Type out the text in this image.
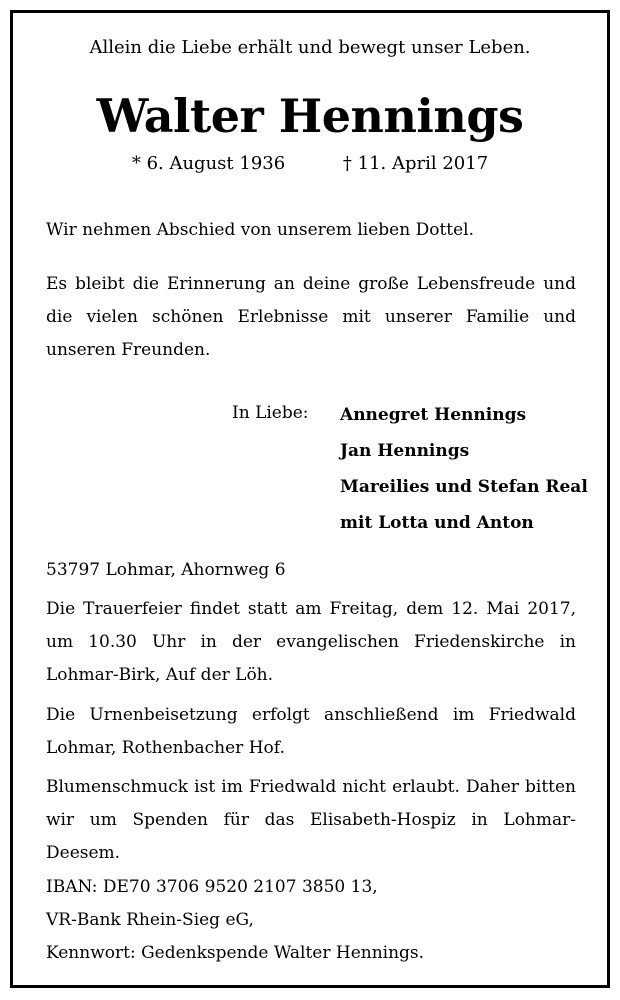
Allein die Liebe erhält und bewegt unser Leben.
Walter Hennings
* 6. August 1936	† 11. April 2017

Wir nehmen Abschied von unserem lieben Dottel.

Es bleibt die Erinnerung an deine große Lebensfreude und die vielen schönen Erlebnisse mit unserer Familie und unseren Freunden.

In Liebe: Annegret Hennings
Jan Hennings
Mareilies und Stefan Real
mit Lotta und Anton

53797 Lohmar, Ahornweg 6

Die Trauerfeier findet statt am Freitag, dem 12. Mai 2017, um 10.30 Uhr in der evangelischen Friedenskirche in Lohmar-Birk, Auf der Löh.

Die Urnenbeisetzung erfolgt anschließend im Friedwald Lohmar, Rothenbacher Hof.

Blumenschmuck ist im Friedwald nicht erlaubt. Daher bitten wir um Spenden für das Elisabeth-Hospiz in Lohmar-Deesem.

IBAN: DE70 3706 9520 2107 3850 13,

VR-Bank Rhein-Sieg eG,

Kennwort: Gedenkspende Walter Hennings.
